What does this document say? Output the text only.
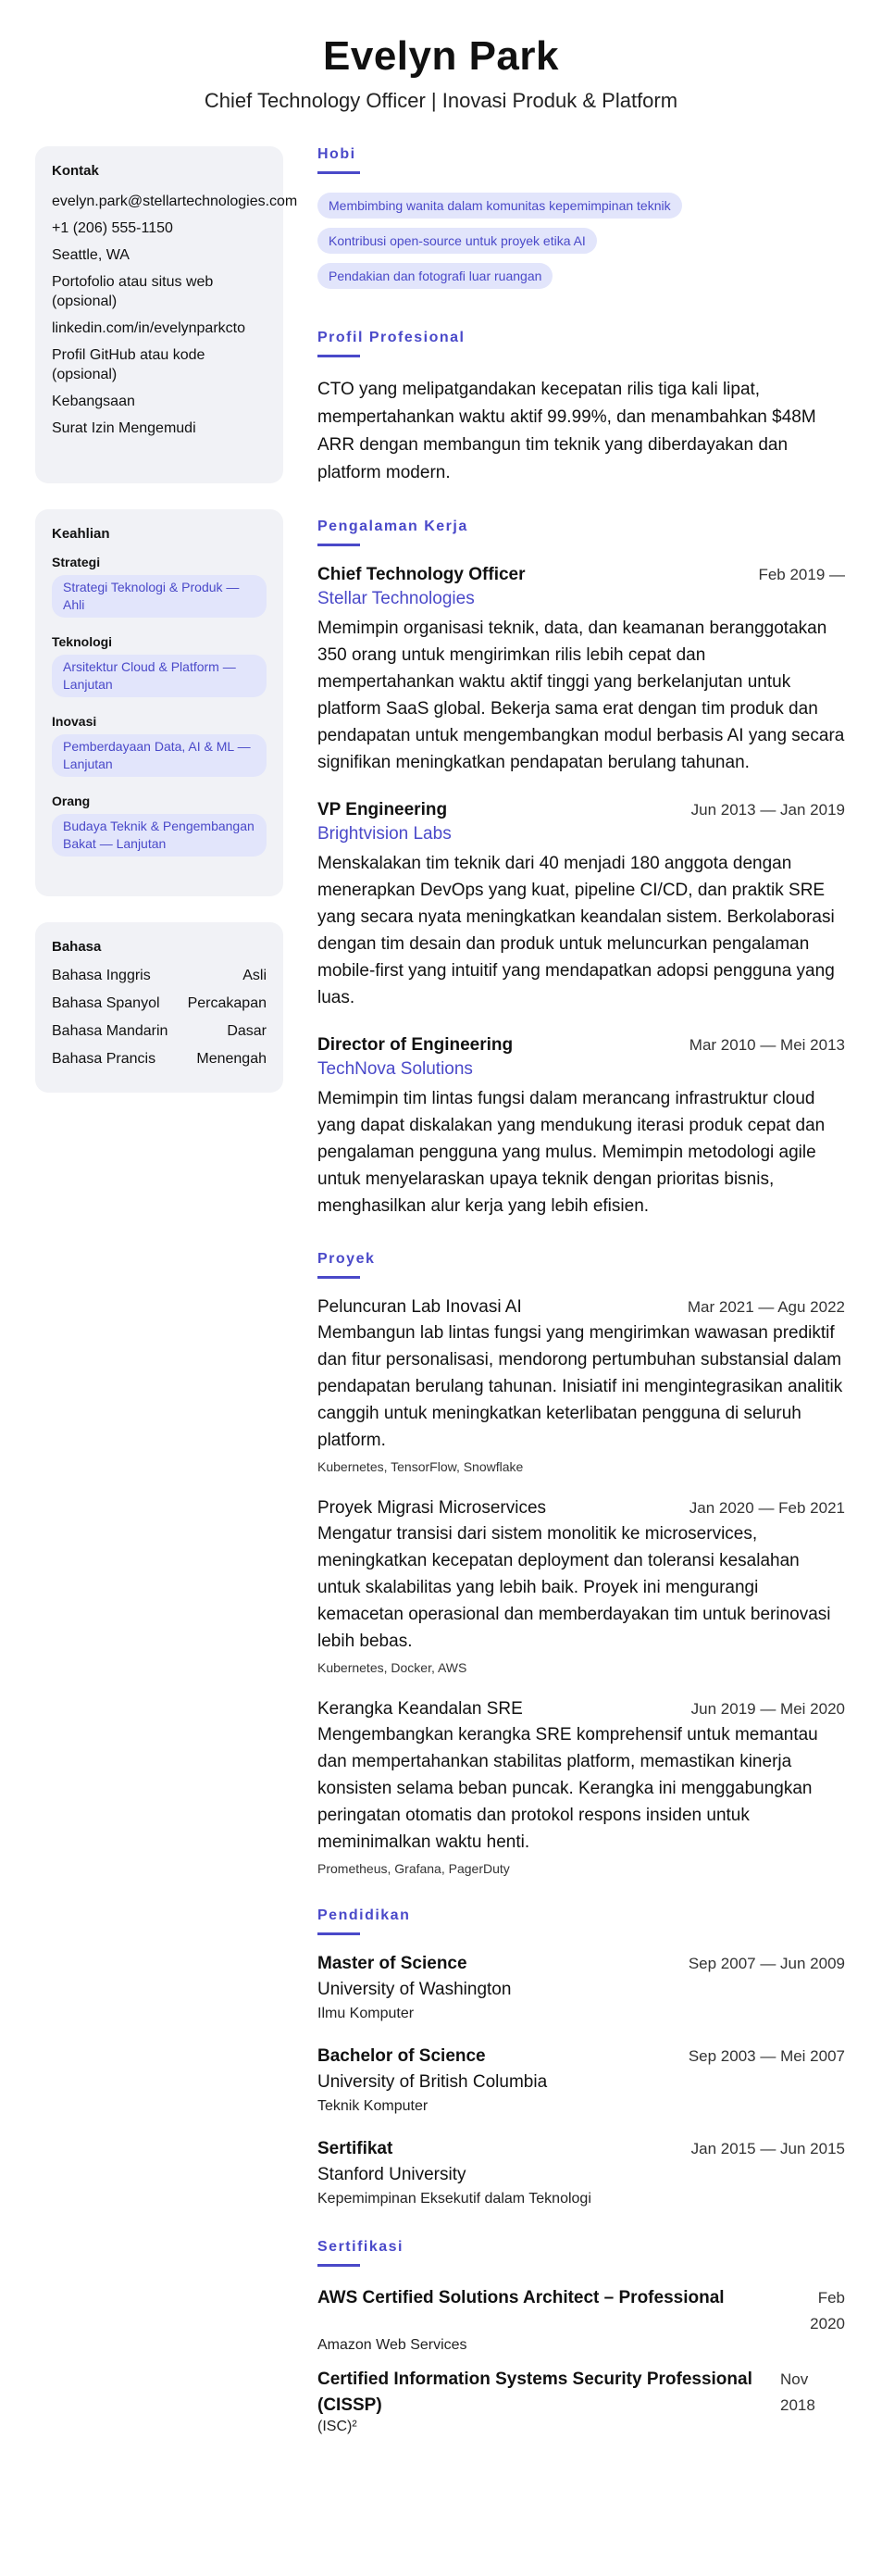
Evelyn Park
Chief Technology Officer | Inovasi Produk & Platform
Kontak
evelyn.park@stellartechnologies.com
+1 (206) 555-1150
Seattle, WA
Portofolio atau situs web (opsional)
linkedin.com/in/evelynparkcto
Profil GitHub atau kode (opsional)
Kebangsaan
Surat Izin Mengemudi
Keahlian
Strategi
Strategi Teknologi & Produk — Ahli
Teknologi
Arsitektur Cloud & Platform — Lanjutan
Inovasi
Pemberdayaan Data, AI & ML — Lanjutan
Orang
Budaya Teknik & Pengembangan Bakat — Lanjutan
Bahasa
Bahasa Inggris	Asli
Bahasa Spanyol Percakapan
Bahasa Mandarin	Dasar
Bahasa Prancis	Menengah
Hobi
Membimbing wanita dalam komunitas kepemimpinan teknik
Kontribusi open-source untuk proyek etika AI
Pendakian dan fotografi luar ruangan
Profil Profesional
CTO yang melipatgandakan kecepatan rilis tiga kali lipat, mempertahankan waktu aktif 99.99%, dan menambahkan $48M ARR dengan membangun tim teknik yang diberdayakan dan platform modern.
Pengalaman Kerja
Chief Technology Officer	Feb 2019 —
Stellar Technologies
Memimpin organisasi teknik, data, dan keamanan beranggotakan 350 orang untuk mengirimkan rilis lebih cepat dan mempertahankan waktu aktif tinggi yang berkelanjutan untuk platform SaaS global. Bekerja sama erat dengan tim produk dan pendapatan untuk mengembangkan modul berbasis AI yang secara signifikan meningkatkan pendapatan berulang tahunan.
VP Engineering	Jun 2013 — Jan 2019
Brightvision Labs
Menskalakan tim teknik dari 40 menjadi 180 anggota dengan menerapkan DevOps yang kuat, pipeline CI/CD, dan praktik SRE yang secara nyata meningkatkan keandalan sistem. Berkolaborasi dengan tim desain dan produk untuk meluncurkan pengalaman mobile-first yang intuitif yang mendapatkan adopsi pengguna yang luas.
Director of Engineering	Mar 2010 — Mei 2013
TechNova Solutions
Memimpin tim lintas fungsi dalam merancang infrastruktur cloud yang dapat diskalakan yang mendukung iterasi produk cepat dan pengalaman pengguna yang mulus. Memimpin metodologi agile untuk menyelaraskan upaya teknik dengan prioritas bisnis, menghasilkan alur kerja yang lebih efisien.
Proyek
Peluncuran Lab Inovasi AI	Mar 2021 — Agu 2022
Membangun lab lintas fungsi yang mengirimkan wawasan prediktif dan fitur personalisasi, mendorong pertumbuhan substansial dalam pendapatan berulang tahunan. Inisiatif ini mengintegrasikan analitik canggih untuk meningkatkan keterlibatan pengguna di seluruh platform.
Kubernetes, TensorFlow, Snowflake
Proyek Migrasi Microservices	Jan 2020 — Feb 2021
Mengatur transisi dari sistem monolitik ke microservices, meningkatkan kecepatan deployment dan toleransi kesalahan untuk skalabilitas yang lebih baik. Proyek ini mengurangi kemacetan operasional dan memberdayakan tim untuk berinovasi lebih bebas.
Kubernetes, Docker, AWS
Kerangka Keandalan SRE	Jun 2019 — Mei 2020
Mengembangkan kerangka SRE komprehensif untuk memantau dan mempertahankan stabilitas platform, memastikan kinerja konsisten selama beban puncak. Kerangka ini menggabungkan peringatan otomatis dan protokol respons insiden untuk meminimalkan waktu henti.
Prometheus, Grafana, PagerDuty
Pendidikan
Master of Science	Sep 2007 — Jun 2009
University of Washington
Ilmu Komputer
Bachelor of Science	Sep 2003 — Mei 2007
University of British Columbia
Teknik Komputer
Sertifikat	Jan 2015 — Jun 2015
Stanford University
Kepemimpinan Eksekutif dalam Teknologi
Sertifikasi
AWS Certified Solutions Architect – Professional	Feb 2020
Amazon Web Services
Certified Information Systems Security Professional (CISSP)
Nov 2018
(ISC)²
